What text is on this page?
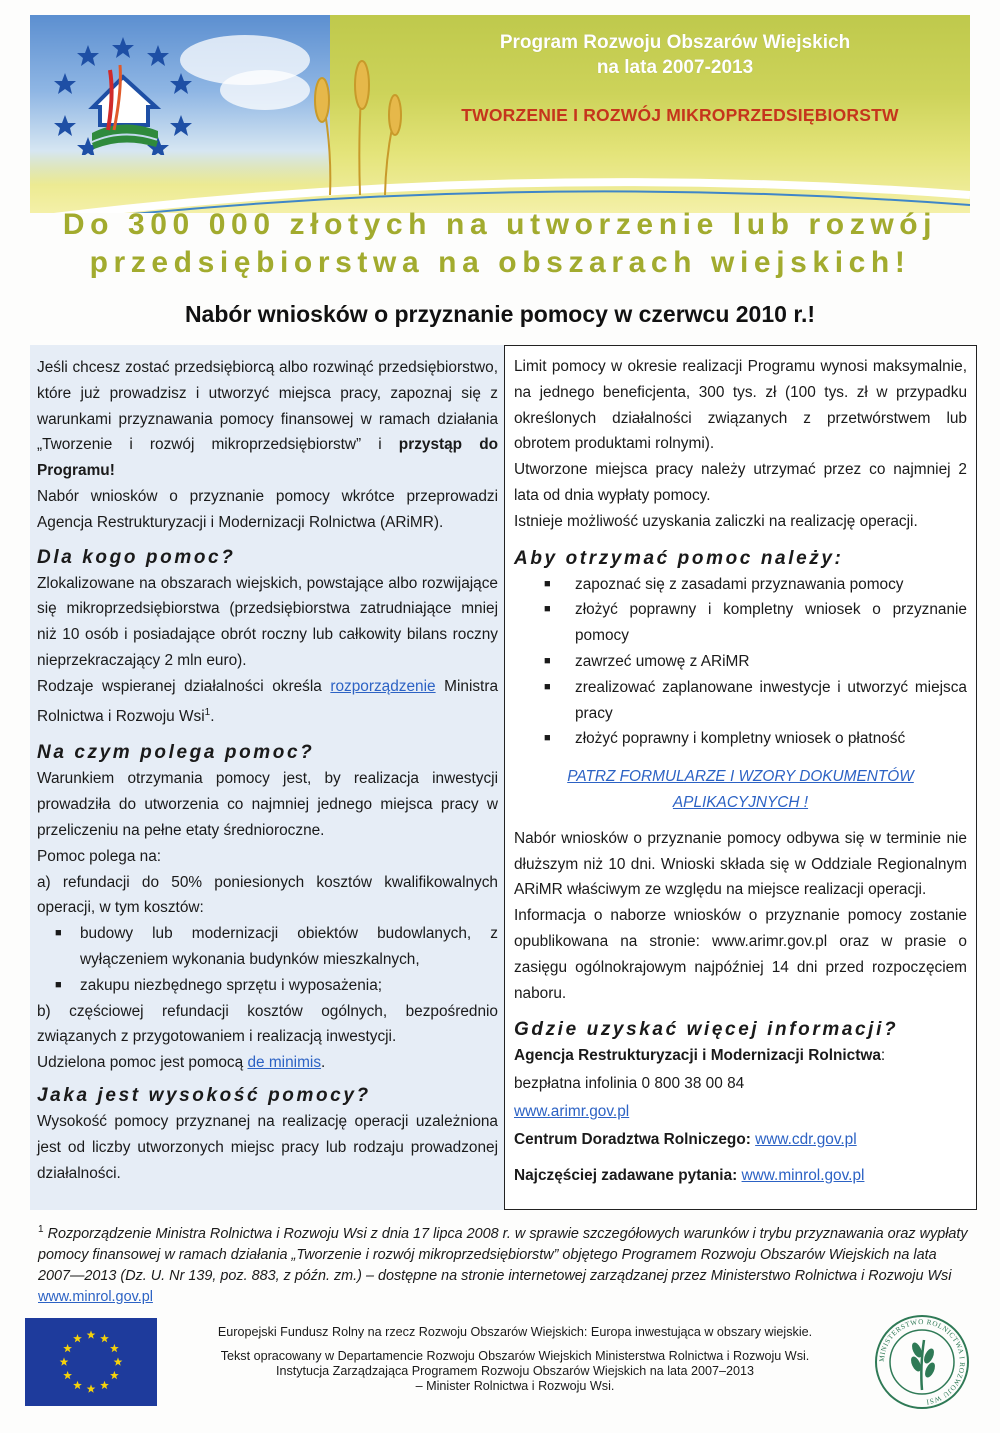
Program Rozwoju Obszarów Wiejskich
na lata 2007-2013
TWORZENIE I ROZWÓJ MIKROPRZEDSIĘBIORSTW
Do 300 000 złotych na utworzenie lub rozwój
przedsiębiorstwa na obszarach wiejskich!
Nabór wniosków o przyznanie pomocy w czerwcu 2010 r.!

Jeśli chcesz zostać przedsiębiorcą albo rozwinąć przedsiębiorstwo, które już prowadzisz i utworzyć miejsca pracy, zapoznaj się z warunkami przyznawania pomocy finansowej w ramach działania „Tworzenie i rozwój mikroprzedsiębiorstw” i przystąp do Programu!

Nabór wniosków o przyznanie pomocy wkrótce przeprowadzi Agencja Restrukturyzacji i Modernizacji Rolnictwa (ARiMR).

Dla kogo pomoc?

Zlokalizowane na obszarach wiejskich, powstające albo rozwijające się mikroprzedsiębiorstwa (przedsiębiorstwa zatrudniające mniej niż 10 osób i posiadające obrót roczny lub całkowity bilans roczny nieprzekraczający 2 mln euro).

Rodzaje wspieranej działalności określa rozporządzenie Ministra Rolnictwa i Rozwoju Wsi$^1$.

Na czym polega pomoc?

Warunkiem otrzymania pomocy jest, by realizacja inwestycji prowadziła do utworzenia co najmniej jednego miejsca pracy w przeliczeniu na pełne etaty średnioroczne.

Pomoc polega na:

a) refundacji do 50% poniesionych kosztów kwalifikowalnych operacji, w tym kosztów:

■ budowy lub modernizacji obiektów budowlanych, z wyłączeniem wykonania budynków mieszkalnych,
■ zakupu niezbędnego sprzętu i wyposażenia;

b) częściowej refundacji kosztów ogólnych, bezpośrednio związanych z przygotowaniem i realizacją inwestycji.

Udzielona pomoc jest pomocą de minimis.

Jaka jest wysokość pomocy?

Wysokość pomocy przyznanej na realizację operacji uzależniona jest od liczby utworzonych miejsc pracy lub rodzaju prowadzonej działalności.

Limit pomocy w okresie realizacji Programu wynosi maksymalnie, na jednego beneficjenta, 300 tys. zł (100 tys. zł w przypadku określonych działalności związanych z przetwórstwem lub obrotem produktami rolnymi).

Utworzone miejsca pracy należy utrzymać przez co najmniej 2 lata od dnia wypłaty pomocy.

Istnieje możliwość uzyskania zaliczki na realizację operacji.

Aby otrzymać pomoc należy:
■ zapoznać się z zasadami przyznawania pomocy
■ złożyć poprawny i kompletny wniosek o przyznanie pomocy
■ zawrzeć umowę z ARiMR
■ zrealizować zaplanowane inwestycje i utworzyć miejsca pracy
■ złożyć poprawny i kompletny wniosek o płatność
PATRZ FORMULARZE I WZORY DOKUMENTÓW APLIKACYJNYCH !

Nabór wniosków o przyznanie pomocy odbywa się w terminie nie dłuższym niż 10 dni. Wnioski składa się w Oddziale Regionalnym ARiMR właściwym ze względu na miejsce realizacji operacji.

Informacja o naborze wniosków o przyznanie pomocy zostanie opublikowana na stronie: www.arimr.gov.pl oraz w prasie o zasięgu ogólnokrajowym najpóźniej 14 dni przed rozpoczęciem naboru.

Gdzie uzyskać więcej informacji?

Agencja Restrukturyzacji i Modernizacji Rolnictwa:

bezpłatna infolinia 0 800 38 00 84

www.arimr.gov.pl

Centrum Doradztwa Rolniczego: www.cdr.gov.pl

Najczęściej zadawane pytania: www.minrol.gov.pl

$^1$ Rozporządzenie Ministra Rolnictwa i Rozwoju Wsi z dnia 17 lipca 2008 r. w sprawie szczegółowych warunków i trybu przyznawania oraz wypłaty pomocy finansowej w ramach działania „Tworzenie i rozwój mikroprzedsiębiorstw” objętego Programem Rozwoju Obszarów Wiejskich na lata 2007—2013 (Dz. U. Nr 139, poz. 883, z późn. zm.) – dostępne na stronie internetowej zarządzanej przez Ministerstwo Rolnictwa i Rozwoju Wsi www.minrol.gov.pl
Europejski Fundusz Rolny na rzecz Rozwoju Obszarów Wiejskich: Europa inwestująca w obszary wiejskie.
Tekst opracowany w Departamencie Rozwoju Obszarów Wiejskich Ministerstwa Rolnictwa i Rozwoju Wsi.
Instytucja Zarządzająca Programem Rozwoju Obszarów Wiejskich na lata 2007–2013
– Minister Rolnictwa i Rozwoju Wsi.
MINISTERSTWO ROLNICTWA I ROZWOJU WSI
